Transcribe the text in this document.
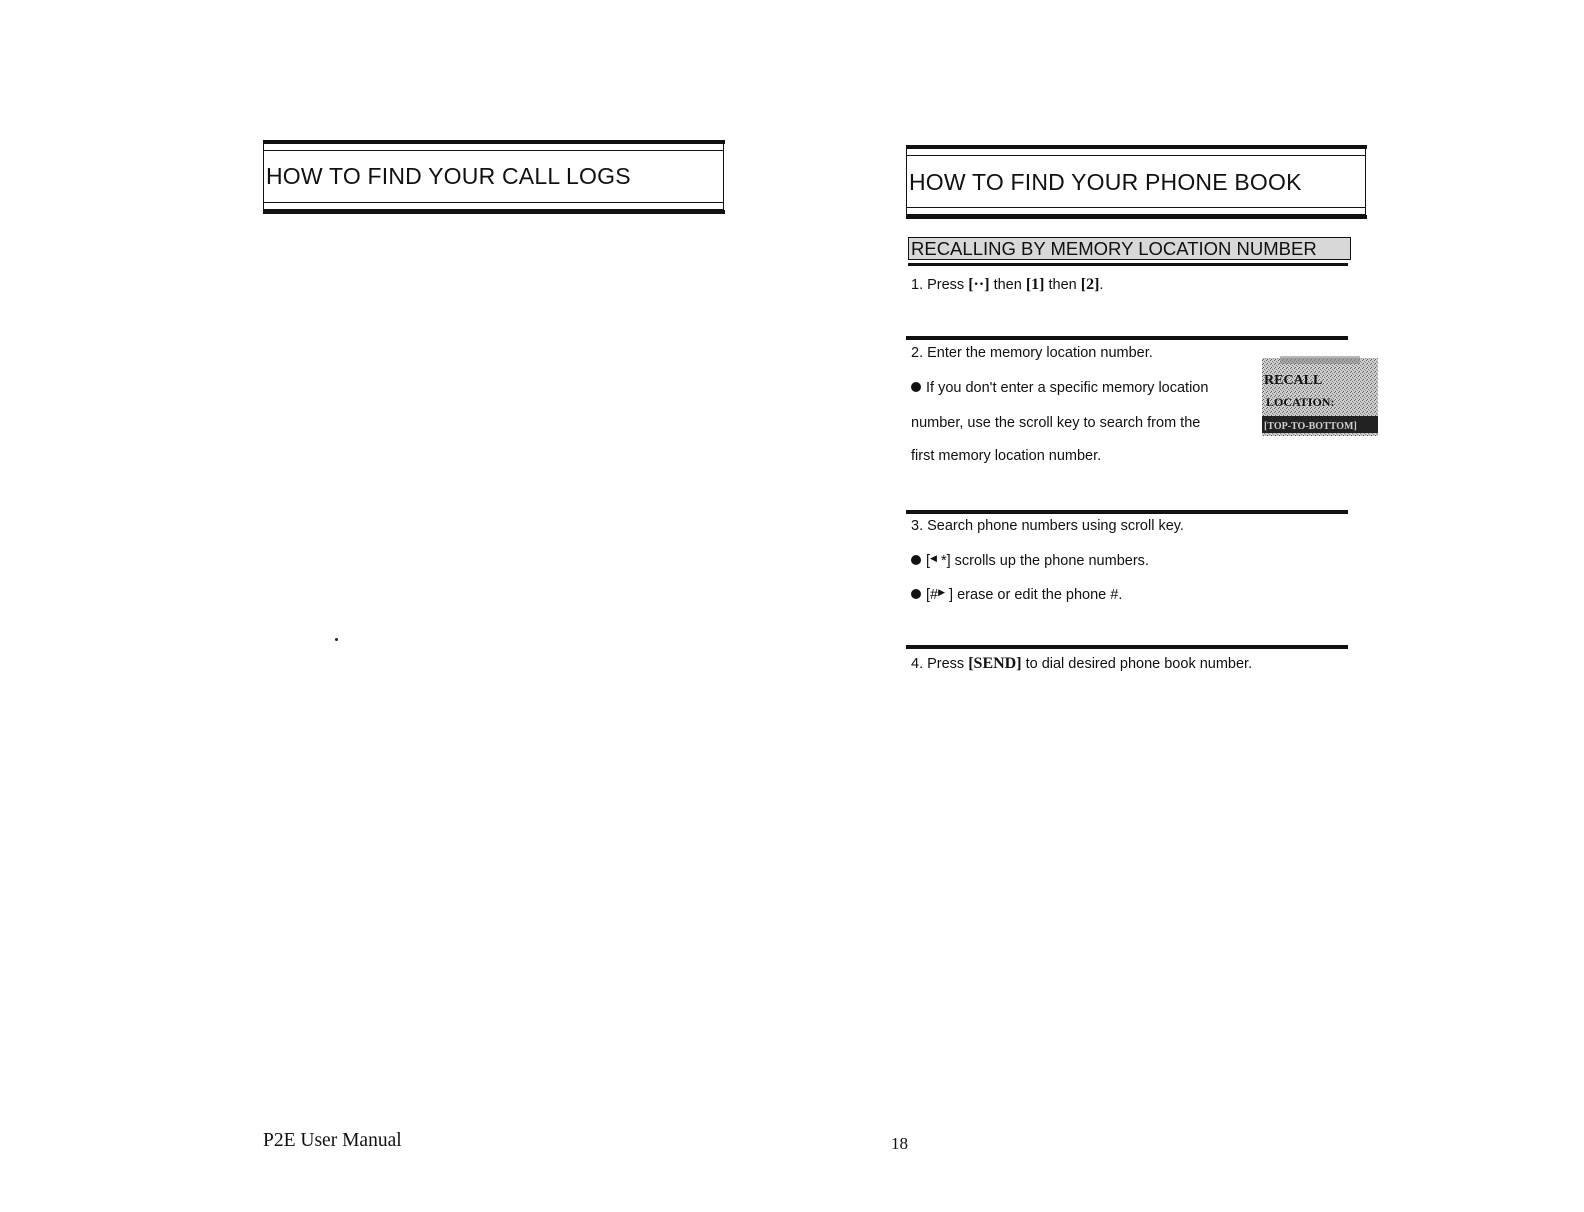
HOW TO FIND YOUR CALL LOGS	HOW TO FIND YOUR PHONE BOOK
RECALLING BY MEMORY LOCATION NUMBER
1. Press [··] then [1] then [2].
2. Enter the memory location number.
If you don't enter a specific memory location
number, use the scroll key to search from the
first memory location number.
RECALL
LOCATION:
[TOP-TO-BOTTOM]
3. Search phone numbers using scroll key.
[◀ *] scrolls up the phone numbers.
[#▶ ] erase or edit the phone #.
4. Press [SEND] to dial desired phone book number.
P2E User Manual	18
